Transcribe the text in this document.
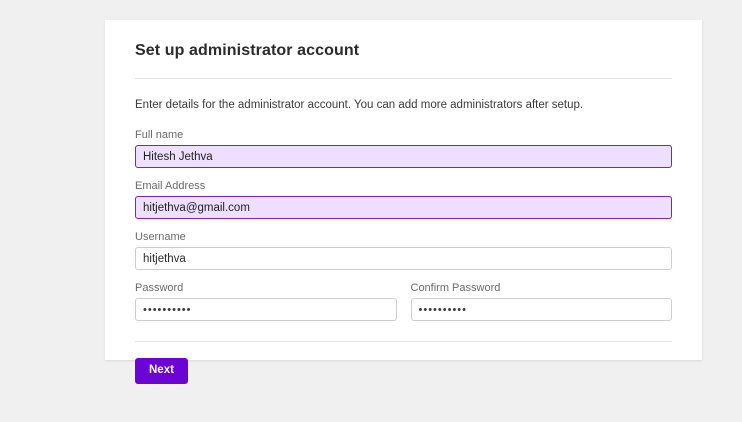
Set up administrator account

Enter details for the administrator account. You can add more administrators after setup.

Full name
Hitesh Jethva
Email Address
hitjethva@gmail.com
Username
hitjethva
Password
••••••••••
Confirm Password
••••••••••
Next
